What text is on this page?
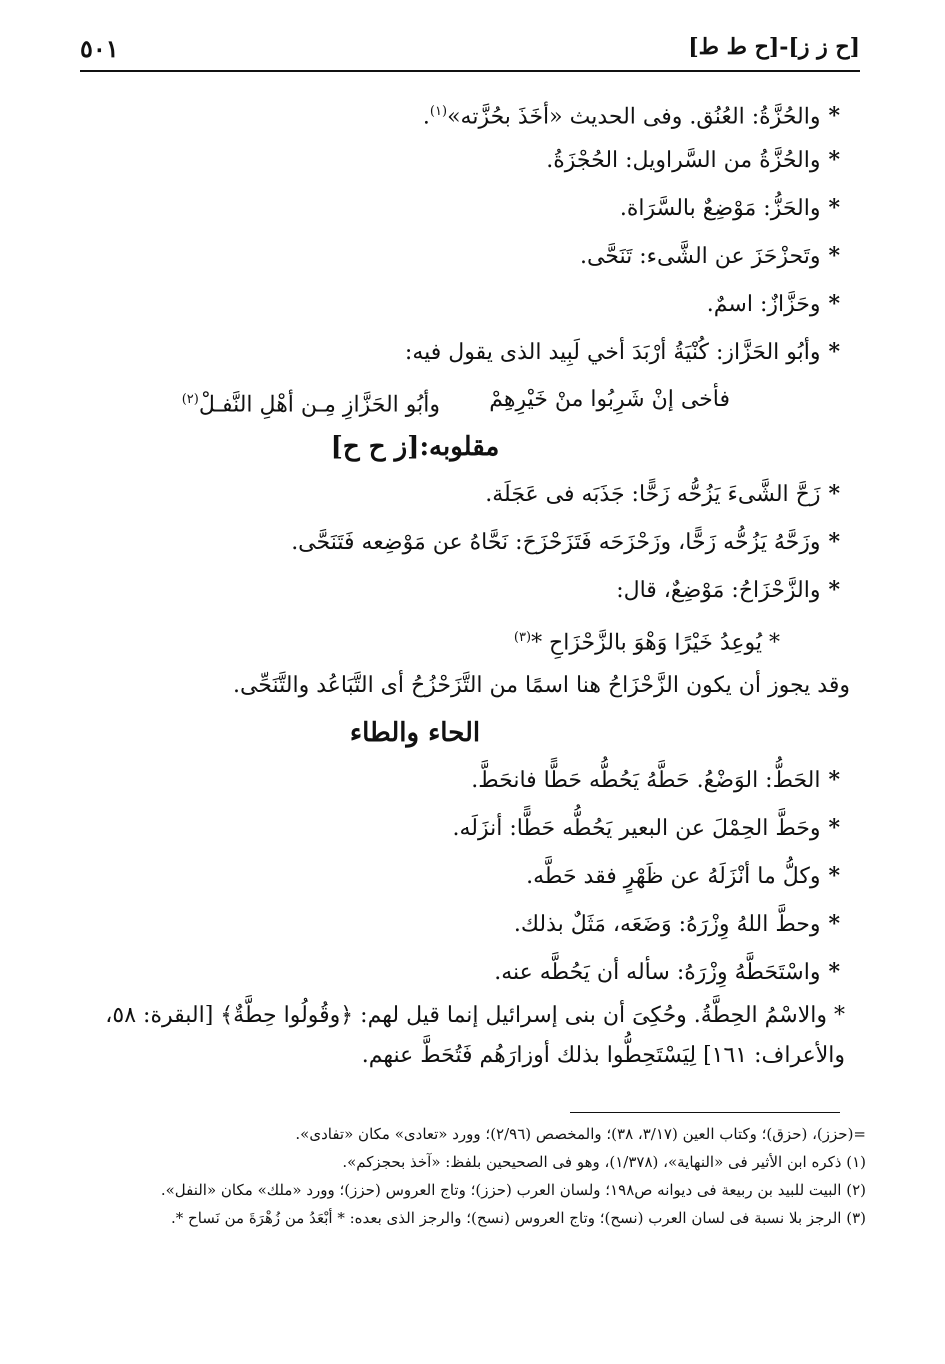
[ح ز ز]-[ح ط ط]
٥٠١
*والحُزَّةُ: العُنُق. وفى الحديث «أخَذَ بحُزَّته»$^{(١)}$.
*والحُزَّةُ من السَّراويل: الحُجْزَةُ.
*والحَزُّ: مَوْضِعٌ بالسَّرَاة.
*وتَحزْحَزَ عن الشَّىء: تَنَحَّى.
*وحَزَّازٌ: اسمٌ.
*وأبُو الحَزَّاز: كُنْيَةُ أرْبَدَ أخي لَبِيد الذى يقول فيه:
فأخى إنْ شَرِبُوا منْ خَيْرِهِمْ
وأبُو الحَزَّازِ مِـن أهْلِ النَّفـلْ$^{(٢)}$
مقلوبه:[ز ح ح]
*زَحَّ الشَّىءَ يَزُحُّه زَحًّا: جَذَبَه فى عَجَلَة.
*وزَحَّهُ يَزُحُّه زَحًّا، وزَحْزَحَه فَتَزَحْزَحَ: نَحَّاهُ عن مَوْضِعه فَتَنَحَّى.
*والزَّحْزَاحُ: مَوْضِعٌ، قال:
* يُوعِدُ خَيْرًا وَهْوَ بالزَّحْزَاحِ *$^{(٣)}$
وقد يجوز أن يكون الزَّحْزَاحُ هنا اسمًا من التَّزَحْزُحُ أى التَّبَاعُد والتَّنَحِّى.
الحاء والطاء
*الحَطُّ: الوَضْعُ. حَطَّهُ يَحُطُّه حَطًّا فانحَطَّ.
*وحَطَّ الحِمْلَ عن البعير يَحُطُّه حَطًّا: أنزَلَه.
*وكلُّ ما أنْزَلَهُ عن ظَهْرٍ فقد حَطَّه.
*وحطَّ اللهُ وِزْرَهُ: وَضَعَه، مَثَلٌ بذلك.
*واسْتَحَطَّهُ وِزْرَهُ: سأله أن يَحُطَّه عنه.
* والاسْمُ الحِطَّةُ. وحُكِىَ أن بنى إسرائيل إنما قيل لهم: ﴿وقُولُوا حِطَّةٌ﴾ [البقرة: ٥٨،
والأعراف: ١٦١] لِيَسْتَحِطُّوا بذلك أوزارَهُم فَتُحَطَّ عنهم.

=(حزز)، (حزق)؛ وكتاب العين (٣/١٧، ٣٨)؛ والمخصص (٢/٩٦)؛ وورد «تعادى» مكان «تفادى».

(١) ذكره ابن الأثير فى «النهاية»، (١/٣٧٨)، وهو فى الصحيحين بلفظ: «آخذ بحجزكم».

(٢) البيت للبيد بن ربيعة فى ديوانه ص١٩٨؛ ولسان العرب (حزز)؛ وتاج العروس (حزز)؛ وورد «ملك» مكان «النفل».

(٣) الرجز بلا نسبة فى لسان العرب (نسح)؛ وتاج العروس (نسح)؛ والرجز الذى بعده: * أبْعَدُ من زُهْرَةَ من نَساح *.
